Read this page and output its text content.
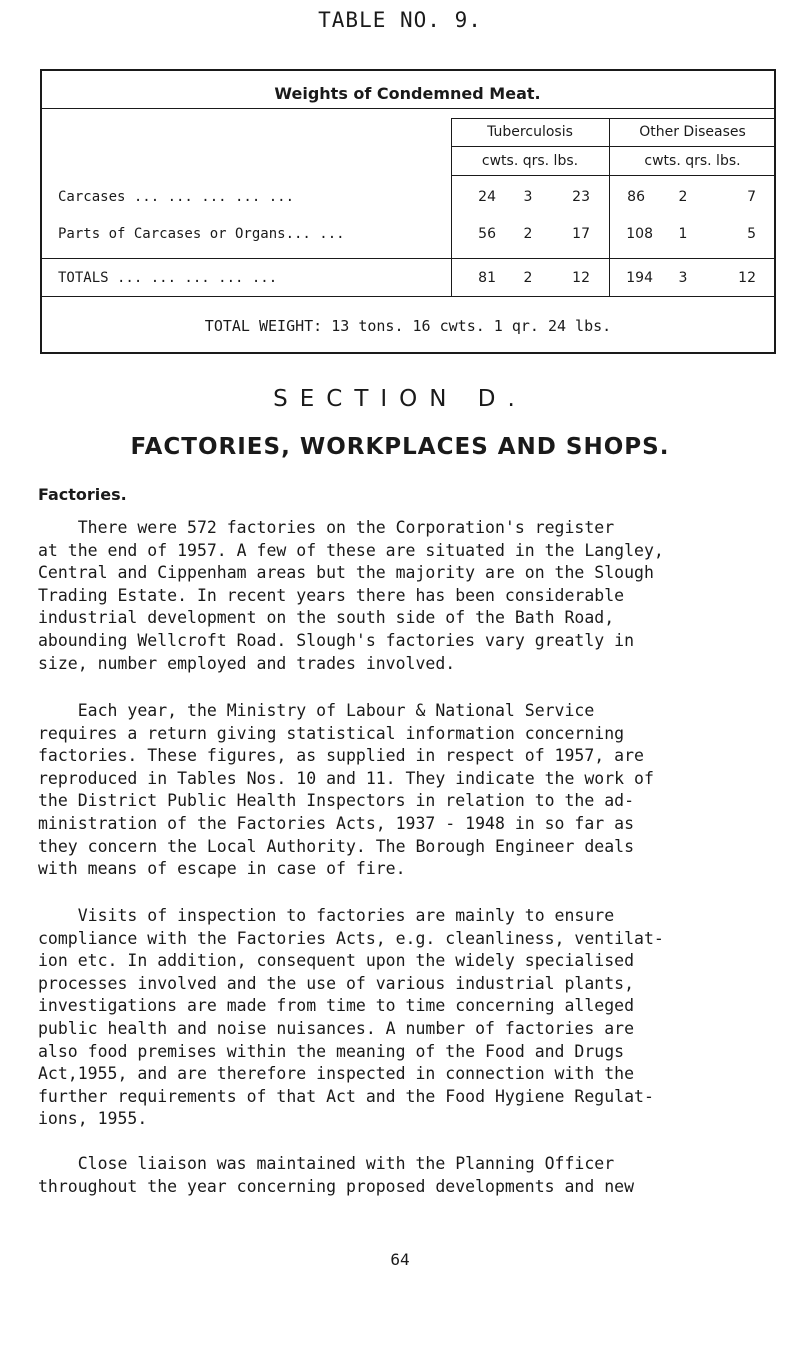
TABLE NO. 9.
Weights of Condemned Meat.
Tuberculosis	Other Diseases
cwts. qrs. lbs.	cwts. qrs. lbs.
Carcases ... ... ... ... ...	24	3	23	86	2	7
Parts of Carcases or Organs... ...	56	2	17	108	1	5
TOTALS ... ... ... ... ...	81	2	12	194	3	12
TOTAL WEIGHT: 13 tons. 16 cwts. 1 qr. 24 lbs.
SECTION D.
FACTORIES, WORKPLACES AND SHOPS.
Factories.
There were 572 factories on the Corporation's register
at the end of 1957. A few of these are situated in the Langley,
Central and Cippenham areas but the majority are on the Slough
Trading Estate. In recent years there has been considerable
industrial development on the south side of the Bath Road,
abounding Wellcroft Road. Slough's factories vary greatly in
size, number employed and trades involved.
Each year, the Ministry of Labour & National Service
requires a return giving statistical information concerning
factories. These figures, as supplied in respect of 1957, are
reproduced in Tables Nos. 10 and 11. They indicate the work of
the District Public Health Inspectors in relation to the ad-
ministration of the Factories Acts, 1937 - 1948 in so far as
they concern the Local Authority. The Borough Engineer deals
with means of escape in case of fire.
Visits of inspection to factories are mainly to ensure
compliance with the Factories Acts, e.g. cleanliness, ventilat-
ion etc. In addition, consequent upon the widely specialised
processes involved and the use of various industrial plants,
investigations are made from time to time concerning alleged
public health and noise nuisances. A number of factories are
also food premises within the meaning of the Food and Drugs
Act,1955, and are therefore inspected in connection with the
further requirements of that Act and the Food Hygiene Regulat-
ions, 1955.
Close liaison was maintained with the Planning Officer
throughout the year concerning proposed developments and new
64
